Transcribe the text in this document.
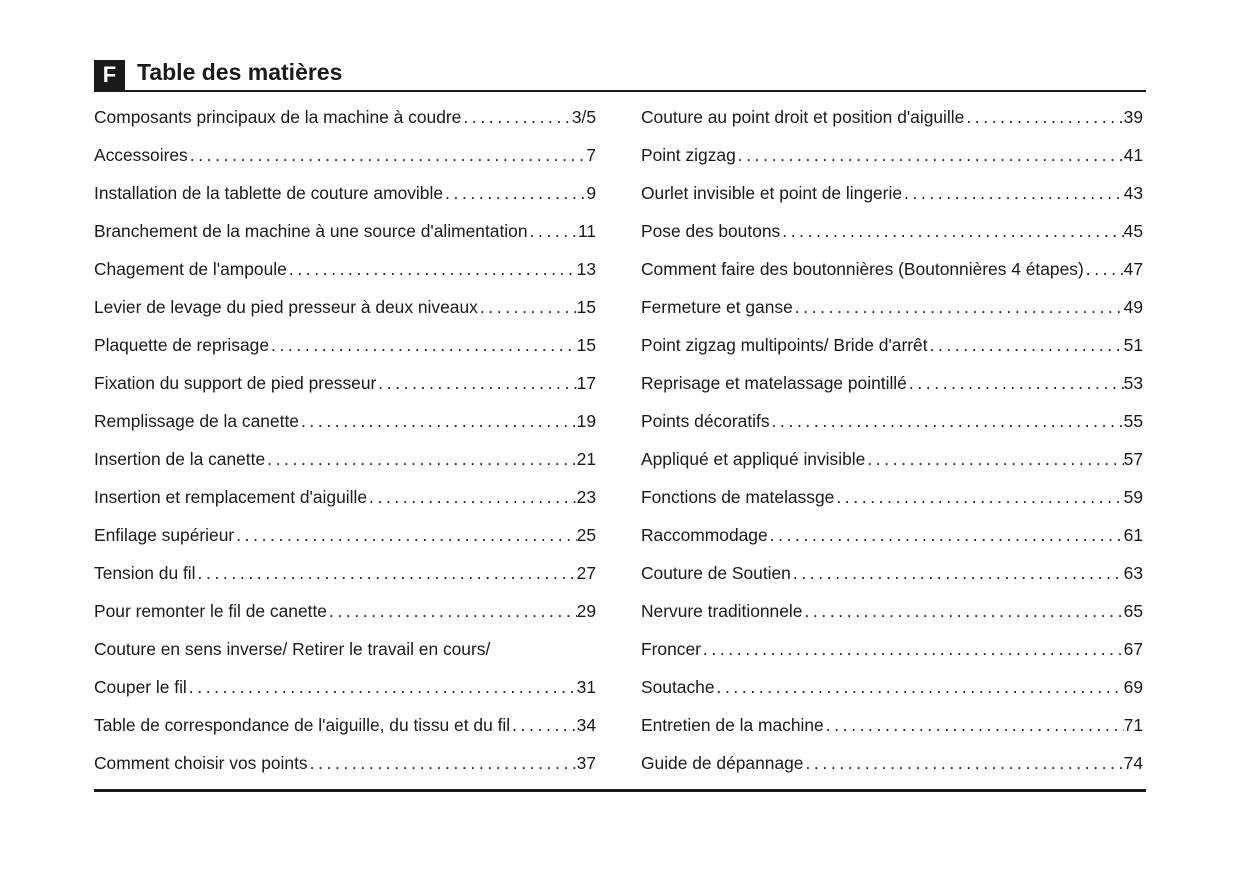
F Table des matières
Composants principaux de la machine à coudre . . .	3/5
Accessoires . . .	7
Installation de la tablette de couture amovible . . .	9
Branchement de la machine à une source d'alimentation . . .	11
Chagement de l'ampoule . . .	13
Levier de levage du pied presseur à deux niveaux . . .	15
Plaquette de reprisage . . .	15
Fixation du support de pied presseur . . .	17
Remplissage de la canette . . .	19
Insertion de la canette . . .	21
Insertion et remplacement d'aiguille . . .	23
Enfilage supérieur . . .	25
Tension du fil . . .	27
Pour remonter le fil de canette . . .	29
Couture en sens inverse/ Retirer le travail en cours/
Couper le fil . . .	31
Table de correspondance de l'aiguille, du tissu et du fil . . .	34
Comment choisir vos points . . .	37
Couture au point droit et position d'aiguille . . .	39
Point zigzag . . .	41
Ourlet invisible et point de lingerie . . .	43
Pose des boutons . . .	45
Comment faire des boutonnières (Boutonnières 4 étapes) . . . 47
Fermeture et ganse . . .	49
Point zigzag multipoints/ Bride d'arrêt . . .	51
Reprisage et matelassage pointillé . . .	53
Points décoratifs . . .	55
Appliqué et appliqué invisible . . .	57
Fonctions de matelassge . . .	59
Raccommodage . . .	61
Couture de Soutien . . .	63
Nervure traditionnele . . .	65
Froncer . . .	67
Soutache . . .	69
Entretien de la machine . . .	71
Guide de dépannage . . .	74
